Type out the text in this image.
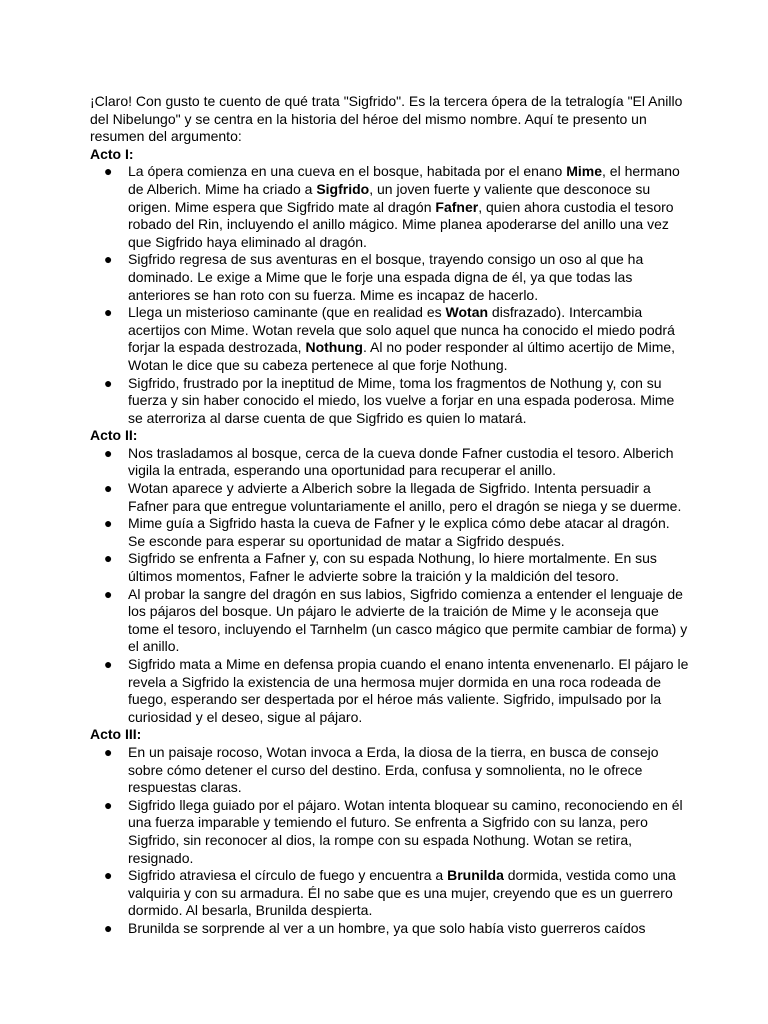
¡Claro! Con gusto te cuento de qué trata "Sigfrido". Es la tercera ópera de la tetralogía "El Anillo del Nibelungo" y se centra en la historia del héroe del mismo nombre. Aquí te presento un resumen del argumento:

Acto I:

● La ópera comienza en una cueva en el bosque, habitada por el enano Mime, el hermano de Alberich. Mime ha criado a Sigfrido, un joven fuerte y valiente que desconoce su origen. Mime espera que Sigfrido mate al dragón Fafner, quien ahora custodia el tesoro robado del Rin, incluyendo el anillo mágico. Mime planea apoderarse del anillo una vez que Sigfrido haya eliminado al dragón.
● Sigfrido regresa de sus aventuras en el bosque, trayendo consigo un oso al que ha dominado. Le exige a Mime que le forje una espada digna de él, ya que todas las anteriores se han roto con su fuerza. Mime es incapaz de hacerlo.
● Llega un misterioso caminante (que en realidad es Wotan disfrazado). Intercambia acertijos con Mime. Wotan revela que solo aquel que nunca ha conocido el miedo podrá forjar la espada destrozada, Nothung. Al no poder responder al último acertijo de Mime, Wotan le dice que su cabeza pertenece al que forje Nothung.
● Sigfrido, frustrado por la ineptitud de Mime, toma los fragmentos de Nothung y, con su fuerza y sin haber conocido el miedo, los vuelve a forjar en una espada poderosa. Mime se aterroriza al darse cuenta de que Sigfrido es quien lo matará.

Acto II:

● Nos trasladamos al bosque, cerca de la cueva donde Fafner custodia el tesoro. Alberich vigila la entrada, esperando una oportunidad para recuperar el anillo.
● Wotan aparece y advierte a Alberich sobre la llegada de Sigfrido. Intenta persuadir a Fafner para que entregue voluntariamente el anillo, pero el dragón se niega y se duerme.
● Mime guía a Sigfrido hasta la cueva de Fafner y le explica cómo debe atacar al dragón. Se esconde para esperar su oportunidad de matar a Sigfrido después.
● Sigfrido se enfrenta a Fafner y, con su espada Nothung, lo hiere mortalmente. En sus últimos momentos, Fafner le advierte sobre la traición y la maldición del tesoro.
● Al probar la sangre del dragón en sus labios, Sigfrido comienza a entender el lenguaje de los pájaros del bosque. Un pájaro le advierte de la traición de Mime y le aconseja que tome el tesoro, incluyendo el Tarnhelm (un casco mágico que permite cambiar de forma) y el anillo.
● Sigfrido mata a Mime en defensa propia cuando el enano intenta envenenarlo. El pájaro le revela a Sigfrido la existencia de una hermosa mujer dormida en una roca rodeada de fuego, esperando ser despertada por el héroe más valiente. Sigfrido, impulsado por la curiosidad y el deseo, sigue al pájaro.

Acto III:

● En un paisaje rocoso, Wotan invoca a Erda, la diosa de la tierra, en busca de consejo sobre cómo detener el curso del destino. Erda, confusa y somnolienta, no le ofrece respuestas claras.
● Sigfrido llega guiado por el pájaro. Wotan intenta bloquear su camino, reconociendo en él una fuerza imparable y temiendo el futuro. Se enfrenta a Sigfrido con su lanza, pero Sigfrido, sin reconocer al dios, la rompe con su espada Nothung. Wotan se retira, resignado.
● Sigfrido atraviesa el círculo de fuego y encuentra a Brunilda dormida, vestida como una valquiria y con su armadura. Él no sabe que es una mujer, creyendo que es un guerrero dormido. Al besarla, Brunilda despierta.
● Brunilda se sorprende al ver a un hombre, ya que solo había visto guerreros caídos
